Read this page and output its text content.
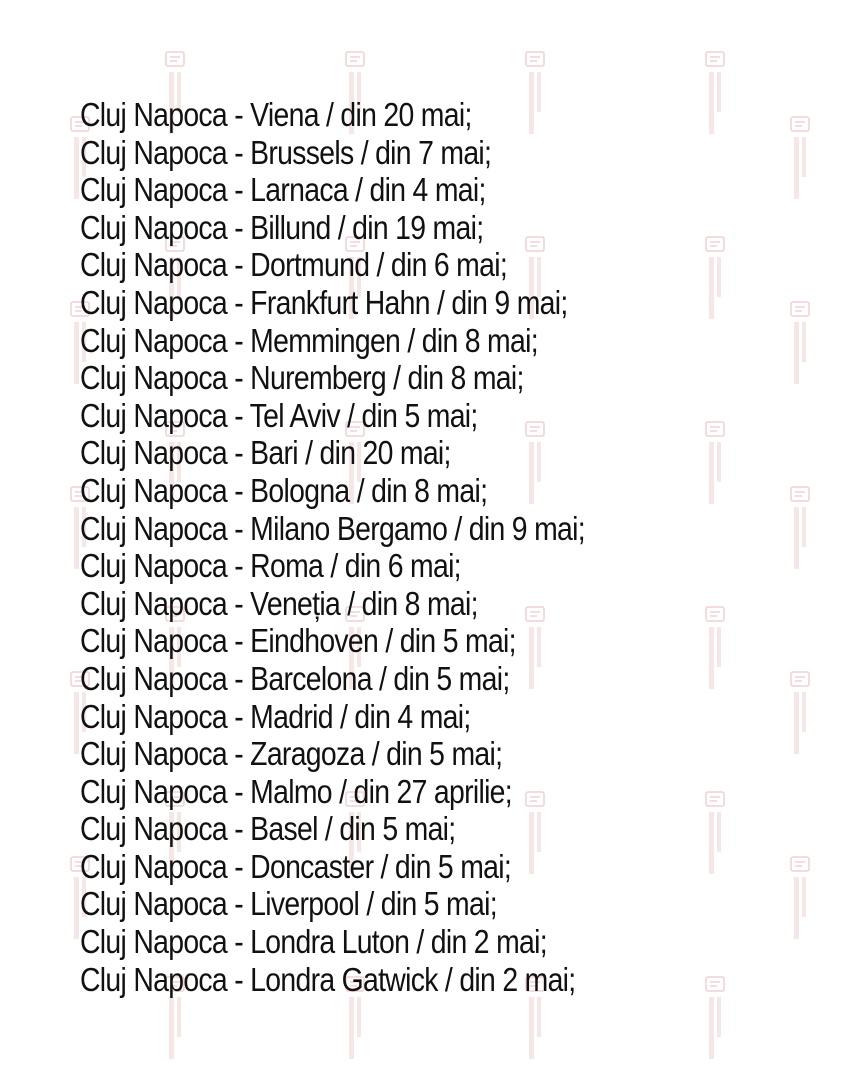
Cluj Napoca - Viena / din 20 mai;
Cluj Napoca - Brussels / din 7 mai;
Cluj Napoca - Larnaca / din 4 mai;
Cluj Napoca - Billund / din 19 mai;
Cluj Napoca - Dortmund / din 6 mai;
Cluj Napoca - Frankfurt Hahn / din 9 mai;
Cluj Napoca - Memmingen / din 8 mai;
Cluj Napoca - Nuremberg / din 8 mai;
Cluj Napoca - Tel Aviv / din 5 mai;
Cluj Napoca - Bari / din 20 mai;
Cluj Napoca - Bologna / din 8 mai;
Cluj Napoca - Milano Bergamo / din 9 mai;
Cluj Napoca - Roma / din 6 mai;
Cluj Napoca - Veneția / din 8 mai;
Cluj Napoca - Eindhoven / din 5 mai;
Cluj Napoca - Barcelona / din 5 mai;
Cluj Napoca - Madrid / din 4 mai;
Cluj Napoca - Zaragoza / din 5 mai;
Cluj Napoca - Malmo / din 27 aprilie;
Cluj Napoca - Basel / din 5 mai;
Cluj Napoca - Doncaster / din 5 mai;
Cluj Napoca - Liverpool / din 5 mai;
Cluj Napoca - Londra Luton / din 2 mai;
Cluj Napoca - Londra Gatwick / din 2 mai;
